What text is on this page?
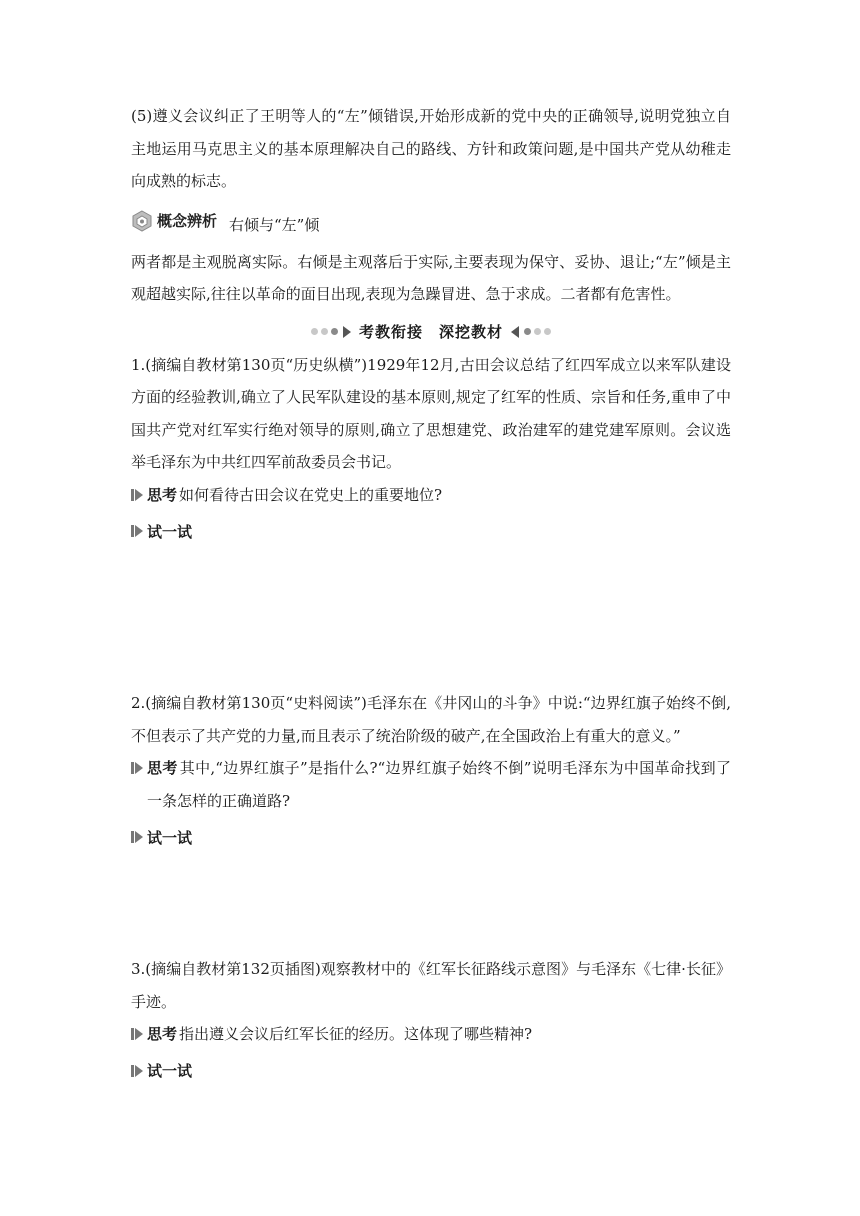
(5)遵义会议纠正了王明等人的“左”倾错误,开始形成新的党中央的正确领导,说明党独立自主地运用马克思主义的基本原理解决自己的路线、方针和政策问题,是中国共产党从幼稚走向成熟的标志。

概念辨析 右倾与“左”倾

两者都是主观脱离实际。右倾是主观落后于实际,主要表现为保守、妥协、退让;“左”倾是主观超越实际,往往以革命的面目出现,表现为急躁冒进、急于求成。二者都有危害性。

考教衔接　深挖教材

1.(摘编自教材第130页“历史纵横”)1929年12月,古田会议总结了红四军成立以来军队建设方面的经验教训,确立了人民军队建设的基本原则,规定了红军的性质、宗旨和任务,重申了中国共产党对红军实行绝对领导的原则,确立了思想建党、政治建军的建党建军原则。会议选举毛泽东为中共红四军前敌委员会书记。

思考 如何看待古田会议在党史上的重要地位?
试一试

2.(摘编自教材第130页“史料阅读”)毛泽东在《井冈山的斗争》中说:“边界红旗子始终不倒,不但表示了共产党的力量,而且表示了统治阶级的破产,在全国政治上有重大的意义。”

思考 其中,“边界红旗子”是指什么?“边界红旗子始终不倒”说明毛泽东为中国革命找到了一条怎样的正确道路?
试一试

3.(摘编自教材第132页插图)观察教材中的《红军长征路线示意图》与毛泽东《七律·长征》手迹。

思考 指出遵义会议后红军长征的经历。这体现了哪些精神?
试一试
